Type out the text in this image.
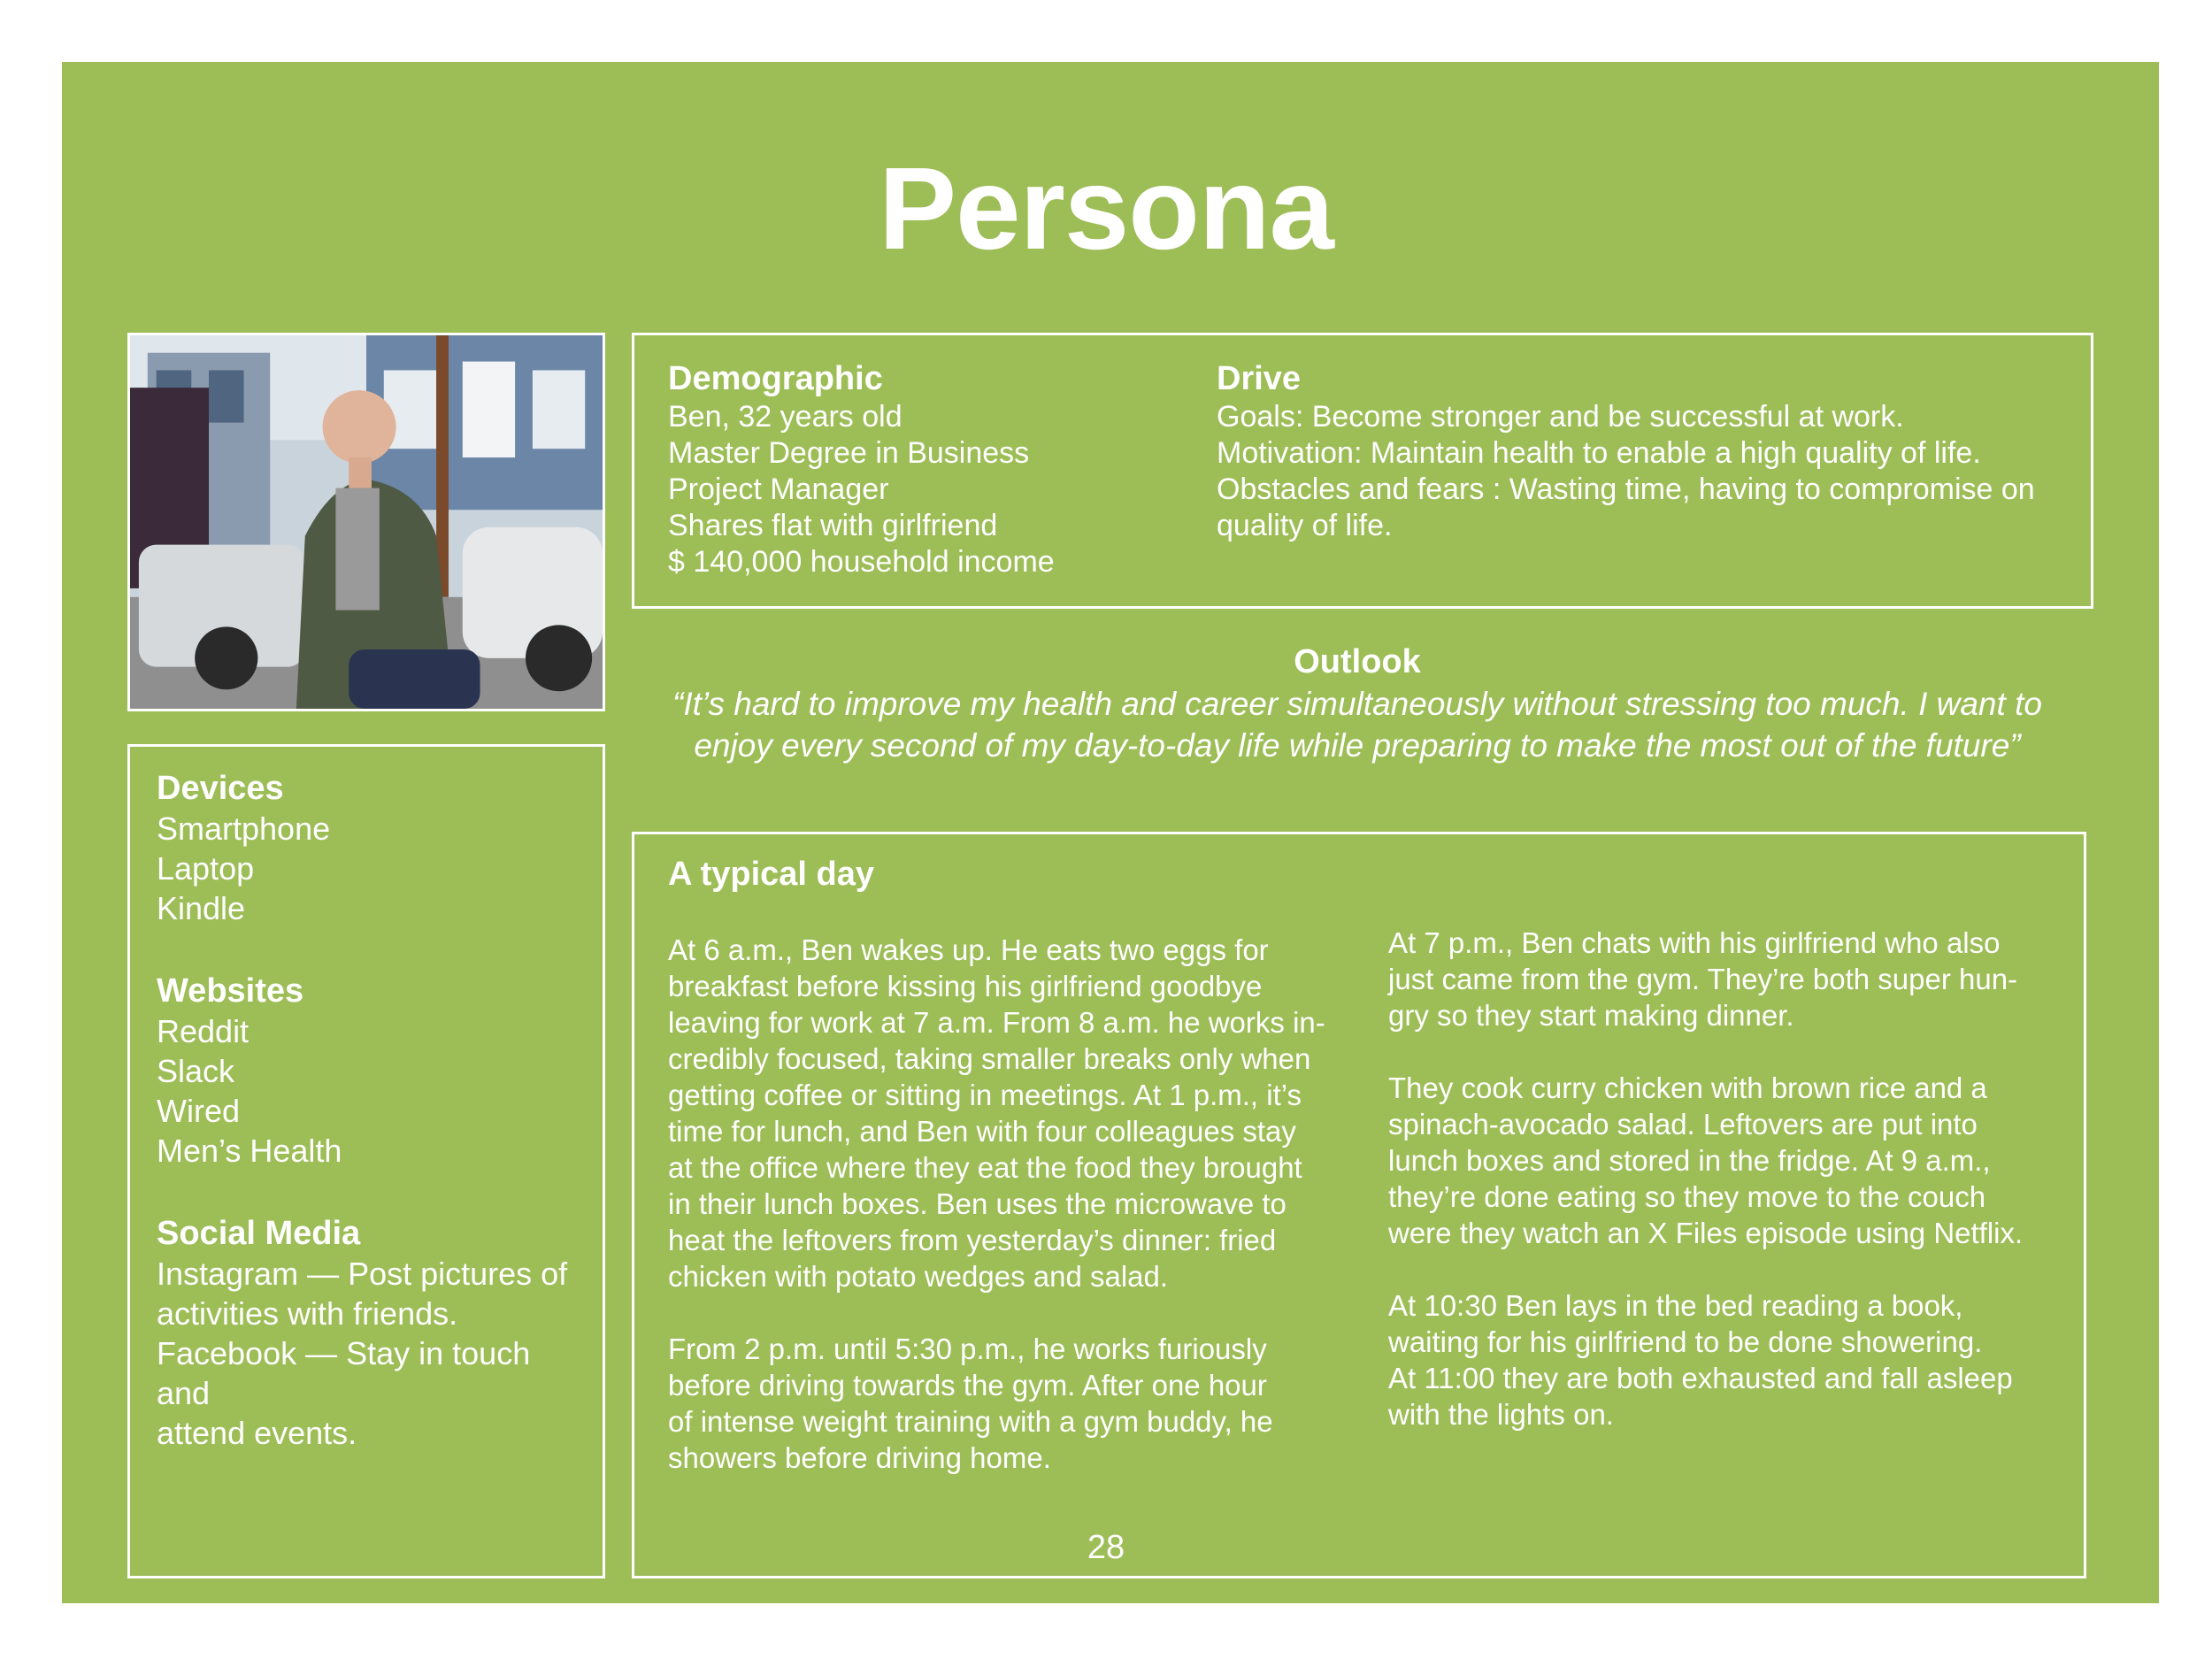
Persona
Demographic
Ben, 32 years old
Master Degree in Business
Project Manager
Shares flat with girlfriend
$ 140,000 household income
Drive
Goals: Become stronger and be successful at work.
Motivation: Maintain health to enable a high quality of life.
Obstacles and fears : Wasting time, having to compromise on
quality of life.
Outlook
“It’s hard to improve my health and career simultaneously without stressing too much. I want to
enjoy every second of my day-to-day life while preparing to make the most out of the future”
Devices
Smartphone
Laptop
Kindle
Websites
Reddit
Slack
Wired
Men’s Health
Social Media
Instagram — Post pictures of
activities with friends.
Facebook — Stay in touch and
attend events.
A typical day
At 6 a.m., Ben wakes up. He eats two eggs for
breakfast before kissing his girlfriend goodbye
leaving for work at 7 a.m. From 8 a.m. he works in-
credibly focused, taking smaller breaks only when
getting coffee or sitting in meetings. At 1 p.m., it’s
time for lunch, and Ben with four colleagues stay
at the office where they eat the food they brought
in their lunch boxes. Ben uses the microwave to
heat the leftovers from yesterday’s dinner: fried
chicken with potato wedges and salad.
From 2 p.m. until 5:30 p.m., he works furiously
before driving towards the gym. After one hour
of intense weight training with a gym buddy, he
showers before driving home.
At 7 p.m., Ben chats with his girlfriend who also
just came from the gym. They’re both super hun-
gry so they start making dinner.
They cook curry chicken with brown rice and a
spinach-avocado salad. Leftovers are put into
lunch boxes and stored in the fridge. At 9 a.m.,
they’re done eating so they move to the couch
were they watch an X Files episode using Netflix.
At 10:30 Ben lays in the bed reading a book,
waiting for his girlfriend to be done showering.
At 11:00 they are both exhausted and fall asleep
with the lights on.
28
